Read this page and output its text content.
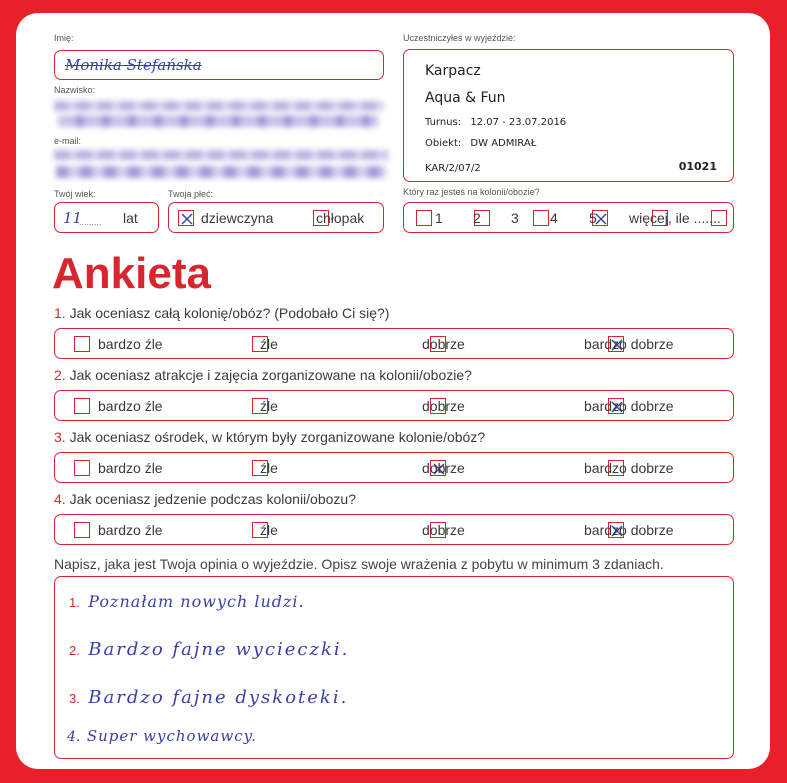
Imię:
Monika Stefańska
Nazwisko:
e-mail:
Twój wiek:
11
......... lat
Twoja płeć:

dziewczyna	chłopak
Uczestniczyłeś w wyjeździe:
Karpacz
Aqua & Fun
Turnus: 12.07 - 23.07.2016
Obiekt: DW ADMIRAŁ
KAR/2/07/2	01021
Który raz jesteś na kolonii/obozie?

1
2
3
4
5 więcej, ile .......
Ankieta
1. Jak oceniasz całą kolonię/obóz? (Podobało Ci się?)
bardzo źle	źle	dobrze	bardzo dobrze
2. Jak oceniasz atrakcje i zajęcia zorganizowane na kolonii/obozie?
bardzo źle	źle	dobrze	bardzo dobrze
3. Jak oceniasz ośrodek, w którym były zorganizowane kolonie/obóz?
bardzo źle	źle	dobrze	bardzo dobrze
4. Jak oceniasz jedzenie podczas kolonii/obozu?
bardzo źle	źle	dobrze	bardzo dobrze
Napisz, jaka jest Twoja opinia o wyjeździe. Opisz swoje wrażenia z pobytu w minimum 3 zdaniach.
1. Poznałam nowych ludzi.
2. Bardzo fajne wycieczki.
3. Bardzo fajne dyskoteki.
4. Super wychowawcy.
